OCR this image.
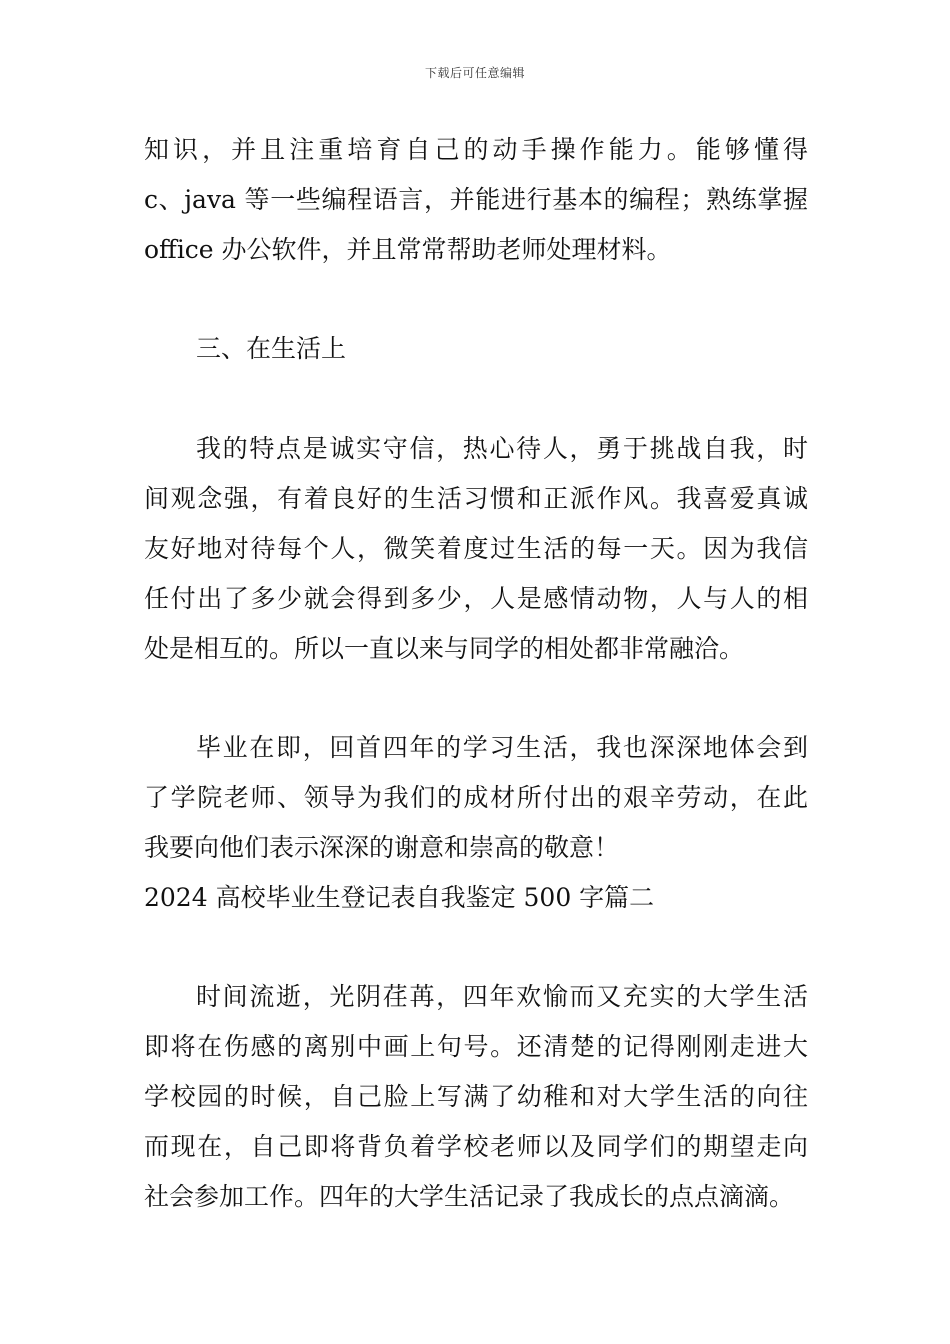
下载后可任意编辑
知识，并且注重培育自己的动手操作能力。能够懂得
c、java 等一些编程语言，并能进行基本的编程；熟练掌握
office 办公软件，并且常常帮助老师处理材料。
三、在生活上
我的特点是诚实守信，热心待人，勇于挑战自我，时
间观念强，有着良好的生活习惯和正派作风。我喜爱真诚
友好地对待每个人，微笑着度过生活的每一天。因为我信
任付出了多少就会得到多少，人是感情动物，人与人的相
处是相互的。所以一直以来与同学的相处都非常融洽。
毕业在即，回首四年的学习生活，我也深深地体会到
了学院老师、领导为我们的成材所付出的艰辛劳动，在此
我要向他们表示深深的谢意和崇高的敬意！
2024 高校毕业生登记表自我鉴定 500 字篇二
时间流逝，光阴荏苒，四年欢愉而又充实的大学生活
即将在伤感的离别中画上句号。还清楚的记得刚刚走进大
学校园的时候，自己脸上写满了幼稚和对大学生活的向往
而现在，自己即将背负着学校老师以及同学们的期望走向
社会参加工作。四年的大学生活记录了我成长的点点滴滴。
